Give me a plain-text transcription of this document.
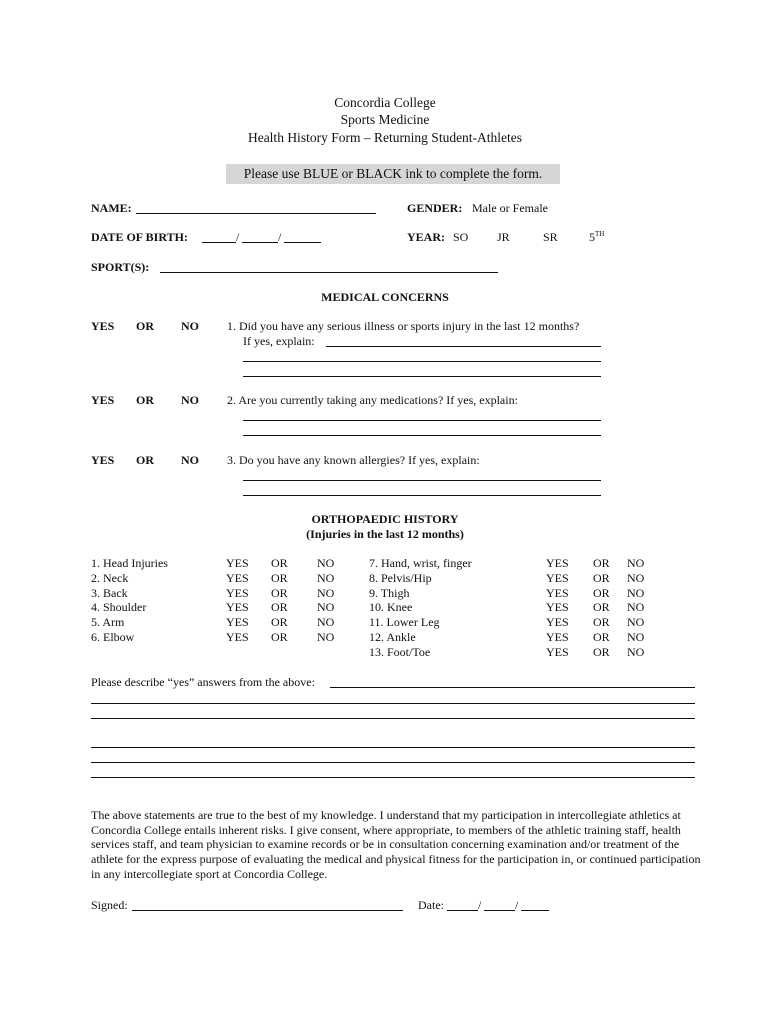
Concordia College
Sports Medicine
Health History Form – Returning Student-Athletes
Please use BLUE or BLACK ink to complete the form.
NAME:	GENDER: Male or Female
DATE OF BIRTH:	/	/	YEAR: SO JR	SR	5TH
SPORT(S):
MEDICAL CONCERNS
YES OR NO 1. Did you have any serious illness or sports injury in the last 12 months?
If yes, explain:
YES OR NO 2. Are you currently taking any medications? If yes, explain:
YES OR NO 3. Do you have any known allergies? If yes, explain:
ORTHOPAEDIC HISTORY
(Injuries in the last 12 months)
1. Head Injuries	YES OR NO
2. Neck	YES OR NO
3. Back	YES OR NO
4. Shoulder	YES OR NO
5. Arm	YES OR NO
6. Elbow	YES OR NO
7. Hand, wrist, finger	YES OR NO
8. Pelvis/Hip	YES OR NO
9. Thigh	YES OR NO
10. Knee	YES OR NO
11. Lower Leg	YES OR NO
12. Ankle	YES OR NO
13. Foot/Toe	YES OR NO
Please describe “yes” answers from the above:
The above statements are true to the best of my knowledge. I understand that my participation in intercollegiate athletics at Concordia College entails inherent risks. I give consent, where appropriate, to members of the athletic training staff, health services staff, and team physician to examine records or be in consultation concerning examination and/or treatment of the athlete for the express purpose of evaluating the medical and physical fitness for the participation in, or continued participation in any intercollegiate sport at Concordia College.
Signed:	Date:	/	/
